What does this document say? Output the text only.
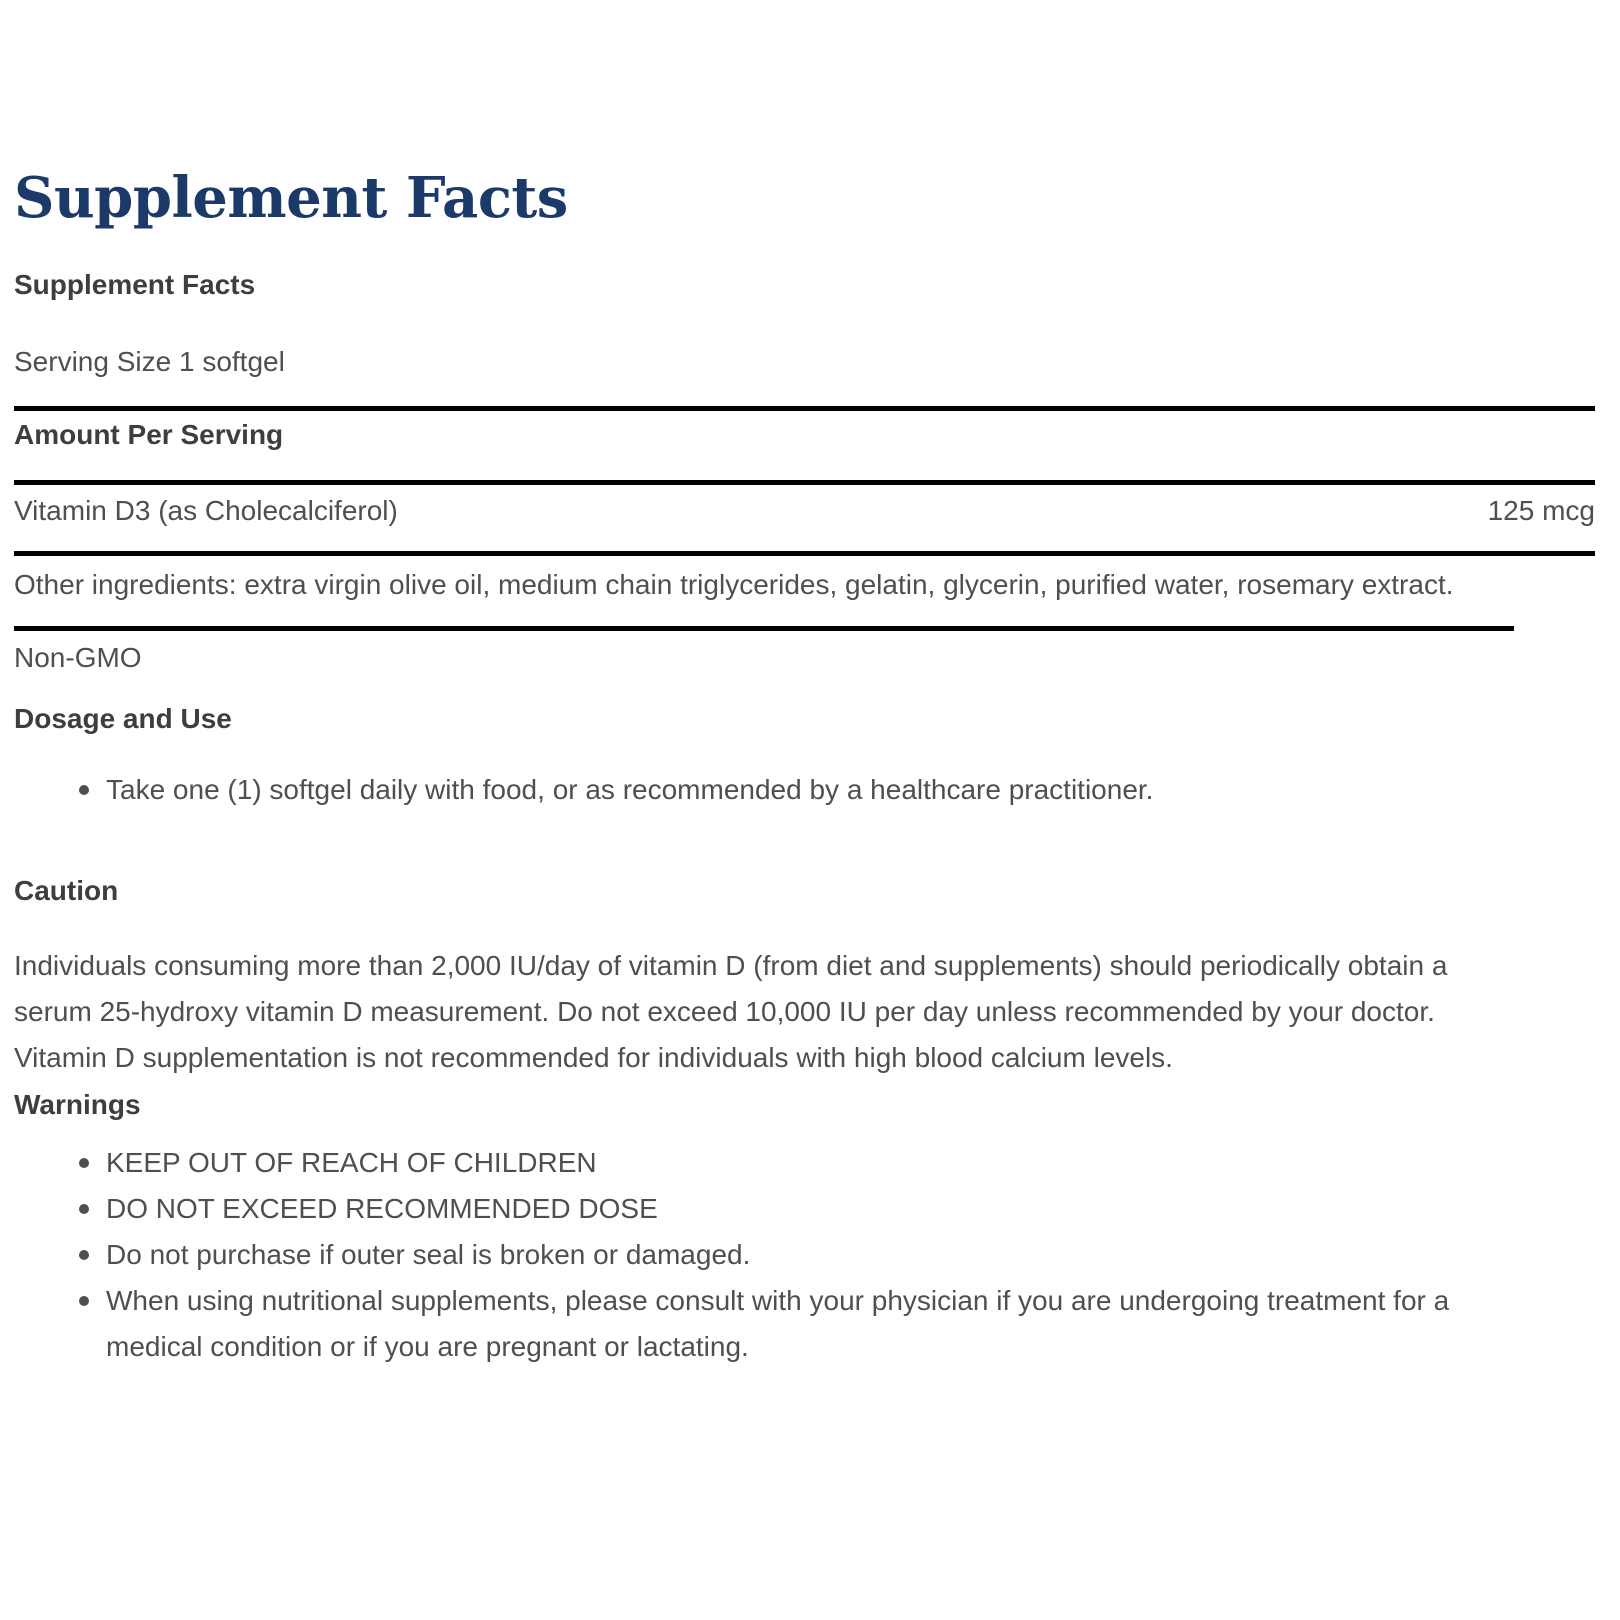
Supplement Facts
Supplement Facts

Serving Size 1 softgel

Amount Per Serving
Vitamin D3 (as Cholecalciferol)	125 mcg

Other ingredients: extra virgin olive oil, medium chain triglycerides, gelatin, glycerin, purified water, rosemary extract.

Non-GMO

Dosage and Use
Take one (1) softgel daily with food, or as recommended by a healthcare practitioner.
Caution

Individuals consuming more than 2,000 IU/day of vitamin D (from diet and supplements) should periodically obtain a serum 25-hydroxy vitamin D measurement. Do not exceed 10,000 IU per day unless recommended by your doctor. Vitamin D supplementation is not recommended for individuals with high blood calcium levels.

Warnings
KEEP OUT OF REACH OF CHILDREN
DO NOT EXCEED RECOMMENDED DOSE
Do not purchase if outer seal is broken or damaged.
When using nutritional supplements, please consult with your physician if you are undergoing treatment for a medical condition or if you are pregnant or lactating.
